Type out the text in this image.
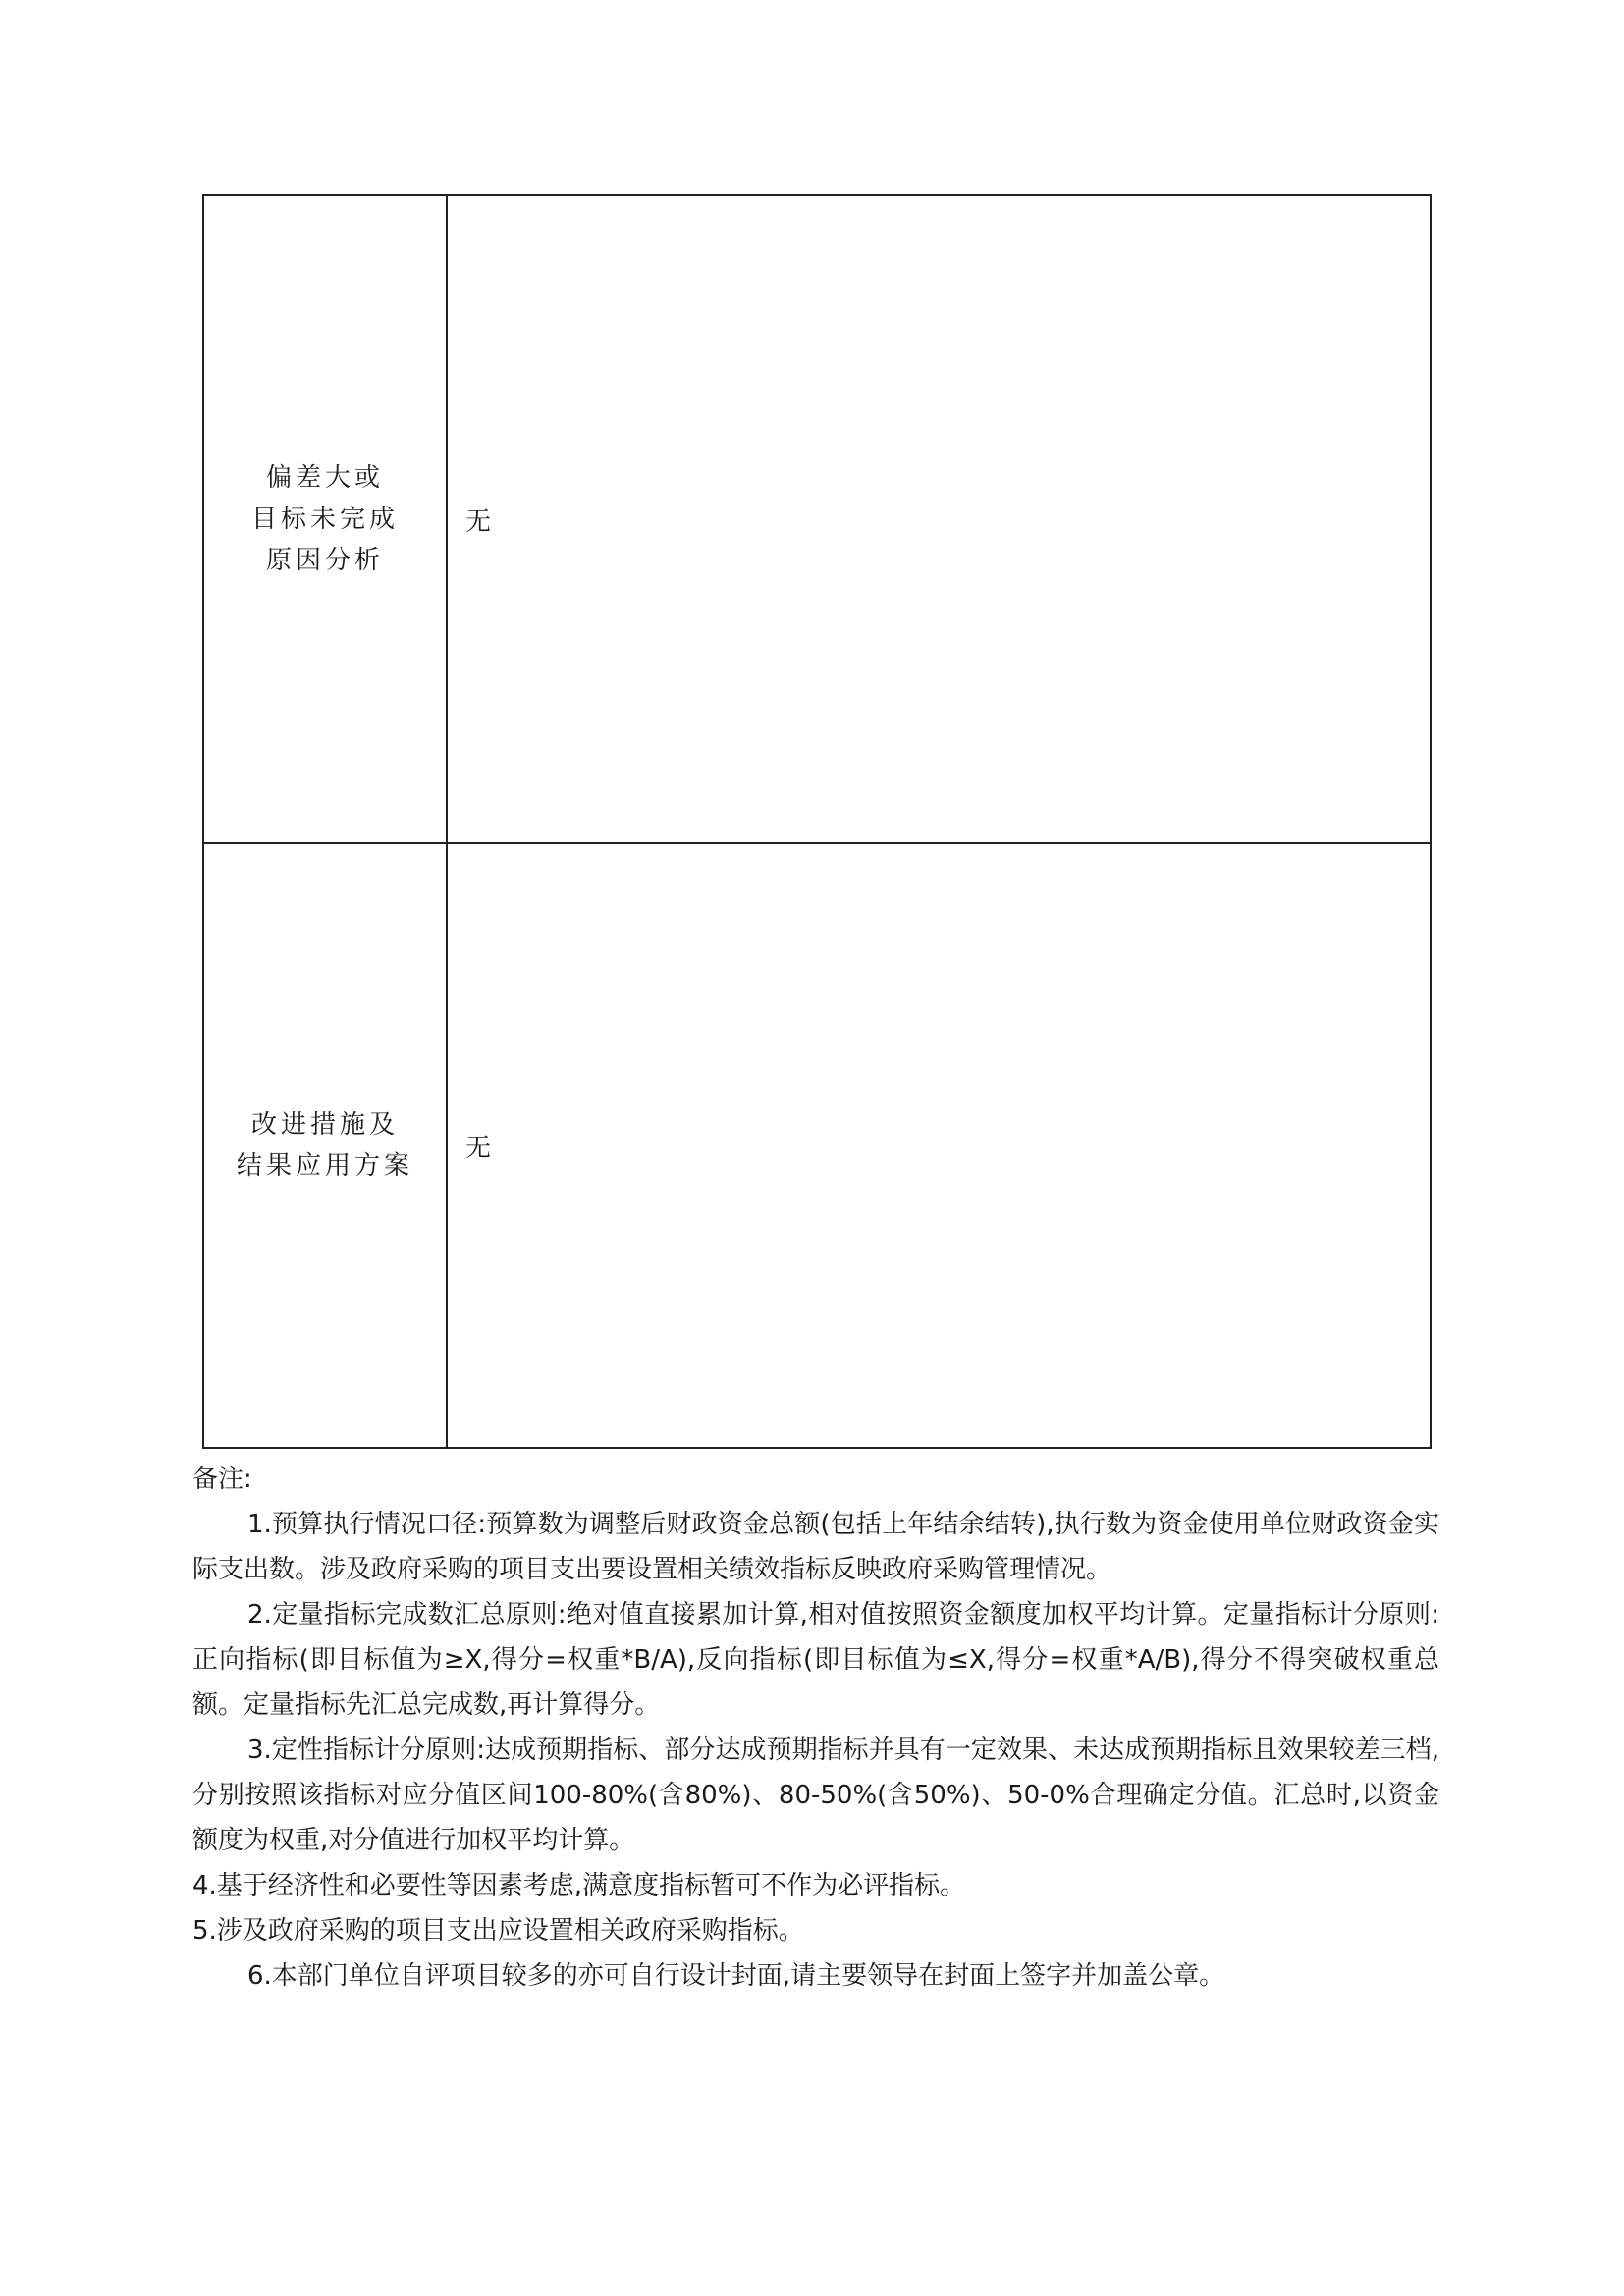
偏差大或
目标未完成
原因分析	无

改进措施及
结果应用方案	无

备注:

1.预算执行情况口径:预算数为调整后财政资金总额(包括上年结余结转),执行数为资金使用单位财政资金实际支出数。涉及政府采购的项目支出要设置相关绩效指标反映政府采购管理情况。

2.定量指标完成数汇总原则:绝对值直接累加计算,相对值按照资金额度加权平均计算。定量指标计分原则:正向指标(即目标值为≥X,得分=权重*B/A),反向指标(即目标值为≤X,得分=权重*A/B),得分不得突破权重总额。定量指标先汇总完成数,再计算得分。

3.定性指标计分原则:达成预期指标、部分达成预期指标并具有一定效果、未达成预期指标且效果较差三档,分别按照该指标对应分值区间100-80%(含80%)、80-50%(含50%)、50-0%合理确定分值。汇总时,以资金额度为权重,对分值进行加权平均计算。

4.基于经济性和必要性等因素考虑,满意度指标暂可不作为必评指标。

5.涉及政府采购的项目支出应设置相关政府采购指标。

6.本部门单位自评项目较多的亦可自行设计封面,请主要领导在封面上签字并加盖公章。
